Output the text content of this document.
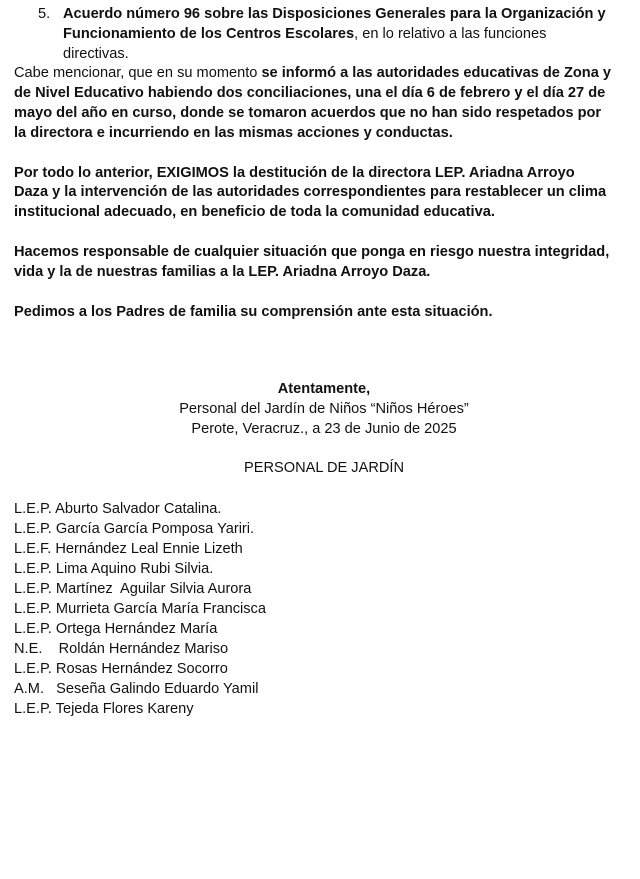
5. Acuerdo número 96 sobre las Disposiciones Generales para la Organización y Funcionamiento de los Centros Escolares, en lo relativo a las funciones directivas.

Cabe mencionar, que en su momento se informó a las autoridades educativas de Zona y de Nivel Educativo habiendo dos conciliaciones, una el día 6 de febrero y el día 27 de mayo del año en curso, donde se tomaron acuerdos que no han sido respetados por la directora e incurriendo en las mismas acciones y conductas.

Por todo lo anterior, EXIGIMOS la destitución de la directora LEP. Ariadna Arroyo Daza y la intervención de las autoridades correspondientes para restablecer un clima institucional adecuado, en beneficio de toda la comunidad educativa.

Hacemos responsable de cualquier situación que ponga en riesgo nuestra integridad, vida y la de nuestras familias a la LEP. Ariadna Arroyo Daza.

Pedimos a los Padres de familia su comprensión ante esta situación.

Atentamente,
Personal del Jardín de Niños “Niños Héroes”
Perote, Veracruz., a 23 de Junio de 2025
PERSONAL DE JARDÍN
L.E.P. Aburto Salvador Catalina.
L.E.P. García García Pomposa Yariri.
L.E.F. Hernández Leal Ennie Lizeth
L.E.P. Lima Aquino Rubi Silvia.
L.E.P. Martínez  Aguilar Silvia Aurora
L.E.P. Murrieta García María Francisca
L.E.P. Ortega Hernández María
N.E.    Roldán Hernández Mariso
L.E.P. Rosas Hernández Socorro
A.M.   Seseña Galindo Eduardo Yamil
L.E.P. Tejeda Flores Kareny
